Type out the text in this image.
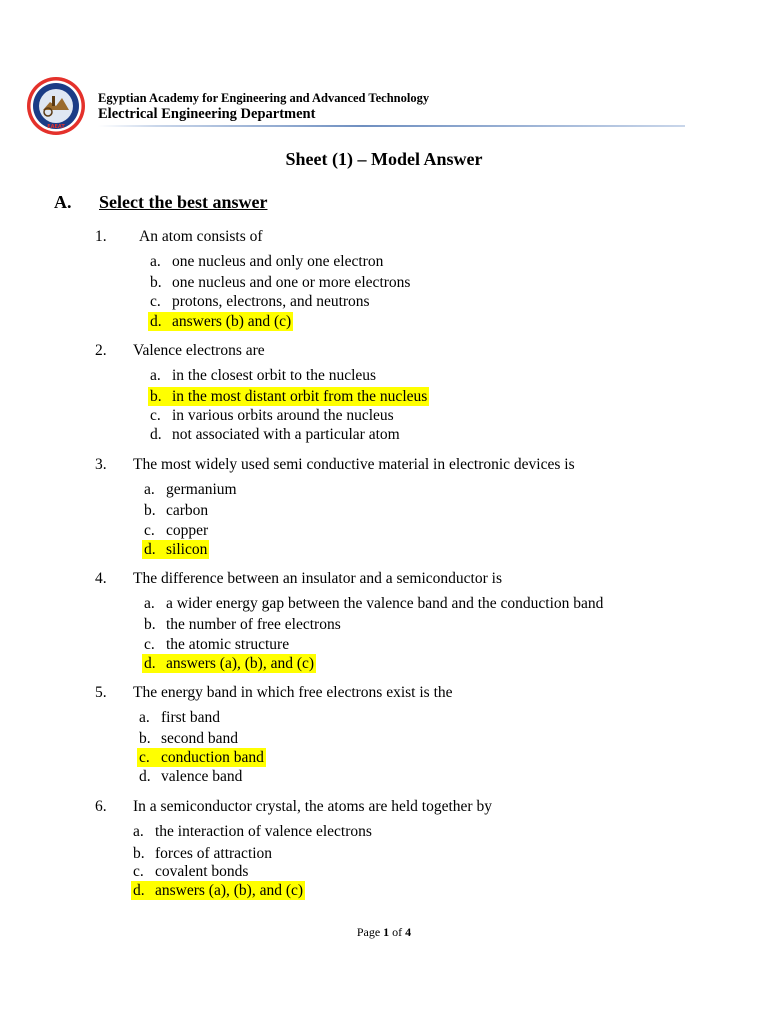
EAEAT
Egyptian Academy for Engineering and Advanced Technology
Electrical Engineering Department
Sheet (1) – Model Answer
A. Select the best answer
1. An atom consists of
a. one nucleus and only one electron
b. one nucleus and one or more electrons
c. protons, electrons, and neutrons
d. answers (b) and (c)
2. Valence electrons are
a. in the closest orbit to the nucleus
b. in the most distant orbit from the nucleus
c. in various orbits around the nucleus
d. not associated with a particular atom
3. The most widely used semi conductive material in electronic devices is
a. germanium
b. carbon
c. copper
d. silicon
4. The difference between an insulator and a semiconductor is
a. a wider energy gap between the valence band and the conduction band
b. the number of free electrons
c. the atomic structure
d. answers (a), (b), and (c)
5. The energy band in which free electrons exist is the
a. first band
b. second band
c. conduction band
d. valence band
6. In a semiconductor crystal, the atoms are held together by
a. the interaction of valence electrons
b. forces of attraction
c. covalent bonds
d. answers (a), (b), and (c)
Page 1 of 4
